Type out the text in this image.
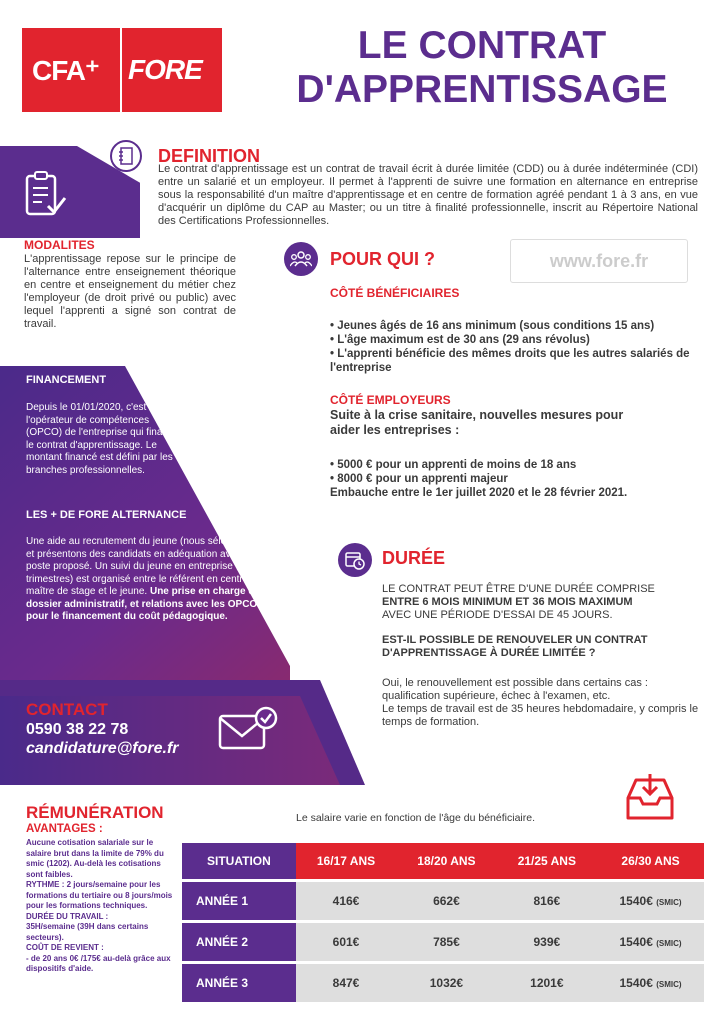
CFA⁺ FORE
LE CONTRAT
D'APPRENTISSAGE
DEFINITION
Le contrat d'apprentissage est un contrat de travail écrit à durée limitée (CDD) ou à durée indéterminée (CDI) entre un salarié et un employeur. Il permet à l'apprenti de suivre une formation en alternance en entreprise sous la responsabilité d'un maître d'apprentissage et en centre de formation agréé pendant 1 à 3 ans, en vue d'acquérir un diplôme du CAP au Master; ou un titre à finalité professionnelle, inscrit au Répertoire National des Certifications Professionnelles.
MODALITES
L'apprentissage repose sur le principe de l'alternance entre enseignement théorique en centre et enseignement du métier chez l'employeur (de droit privé ou public) avec lequel l'apprenti a signé son contrat de travail.
FINANCEMENT
Depuis le 01/01/2020, c'est l'opérateur de compétences (OPCO) de l'entreprise qui finance le contrat d'apprentissage. Le montant financé est défini par les branches professionnelles.
LES + DE FORE ALTERNANCE
Une aide au recrutement du jeune (nous sélectionnons et présentons des candidats en adéquation avec le poste proposé. Un suivi du jeune en entreprise (tous les trimestres) est organisé entre le référent en centre, le maître de stage et le jeune. Une prise en charge du dossier administratif, et relations avec les OPCO pour le financement du coût pédagogique.
CONTACT
0590 38 22 78
candidature@fore.fr
POUR QUI ?	www.fore.fr
CÔTÉ BÉNÉFICIAIRES
• Jeunes âgés de 16 ans minimum (sous conditions 15 ans)
• L'âge maximum est de 30 ans (29 ans révolus)
• L'apprenti bénéficie des mêmes droits que les autres salariés de l'entreprise
CÔTÉ EMPLOYEURS
Suite à la crise sanitaire, nouvelles mesures pour aider les entreprises :
• 5000 € pour un apprenti de moins de 18 ans
• 8000 € pour un apprenti majeur
Embauche entre le 1er juillet 2020 et le 28 février 2021.
DURÉE
LE CONTRAT PEUT ÊTRE D'UNE DURÉE COMPRISE
ENTRE 6 MOIS MINIMUM ET 36 MOIS MAXIMUM
AVEC UNE PÉRIODE D'ESSAI DE 45 JOURS.
EST-IL POSSIBLE DE RENOUVELER UN CONTRAT D'APPRENTISSAGE À DURÉE LIMITÉE ?
Oui, le renouvellement est possible dans certains cas : qualification supérieure, échec à l'examen, etc.
Le temps de travail est de 35 heures hebdomadaire, y compris le temps de formation.
RÉMUNÉRATION
AVANTAGES :
Aucune cotisation salariale sur le salaire brut dans la limite de 79% du smic (1202). Au-delà les cotisations sont faibles.
RYTHME : 2 jours/semaine pour les formations du tertiaire ou 8 jours/mois pour les formations techniques.
DURÉE DU TRAVAIL :
35H/semaine (39H dans certains secteurs).
COÛT DE REVIENT :
- de 20 ans 0€ /175€ au-delà grâce aux dispositifs d'aide.
Le salaire varie en fonction de l'âge du bénéficiaire.
SITUATION	16/17 ANS	18/20 ANS	21/25 ANS	26/30 ANS
ANNÉE 1	416€	662€	816€	1540€ (SMIC)
ANNÉE 2	601€	785€	939€	1540€ (SMIC)
ANNÉE 3	847€	1032€	1201€	1540€ (SMIC)
